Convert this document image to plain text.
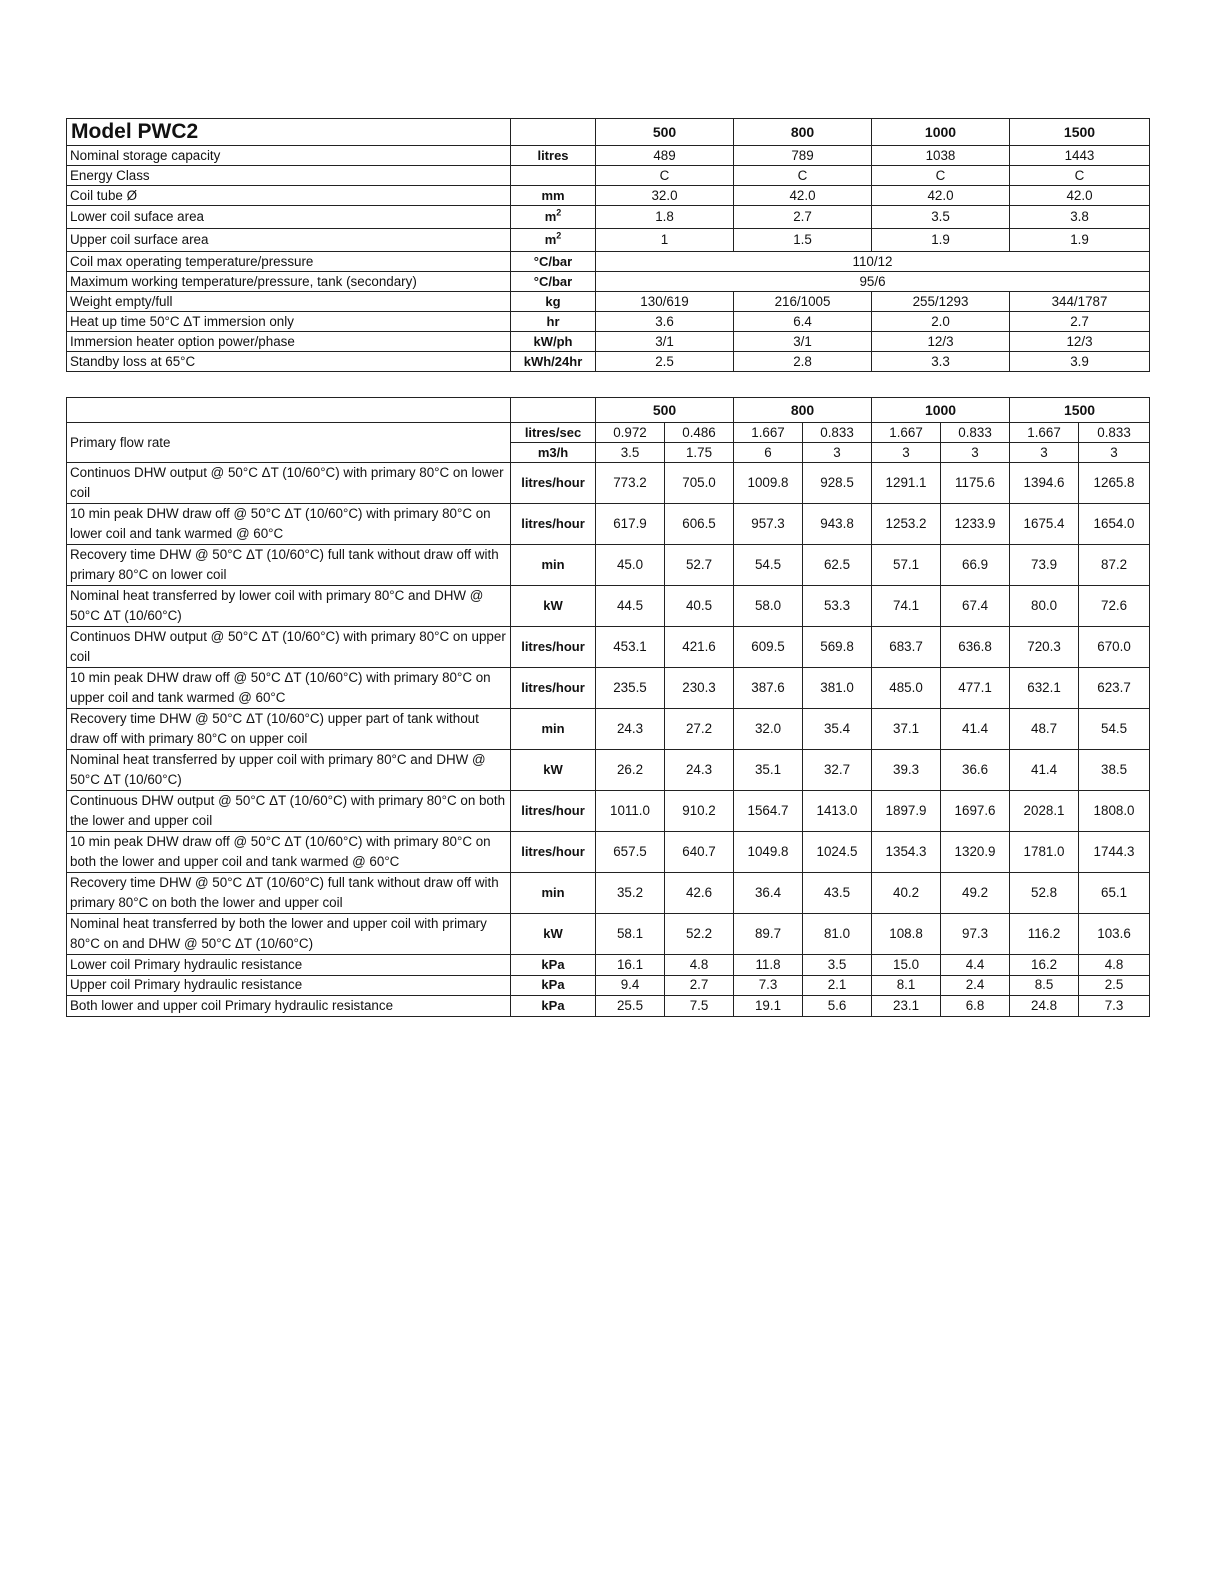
Model PWC2		500	800	1000	1500
Nominal storage capacity	litres	489	789	1038	1443
Energy Class		C	C	C	C
Coil tube Ø	mm	32.0	42.0	42.0	42.0
Lower coil suface area	$m^2$	1.8	2.7	3.5	3.8
Upper coil surface area	$m^2$	1	1.5	1.9	1.9
Coil max operating temperature/pressure	°C/bar	110/12			
Maximum working temperature/pressure, tank (secondary)	°C/bar	95/6			
Weight empty/full	kg	130/619	216/1005	255/1293	344/1787
Heat up time 50°C ΔT immersion only	hr	3.6	6.4	2.0	2.7
Immersion heater option power/phase	kW/ph	3/1	3/1	12/3	12/3
Standby loss at 65°C	kWh/24hr	2.5	2.8	3.3	3.9
		500		800		1000		1500	
Primary flow rate	litres/sec	0.972	0.486	1.667	0.833	1.667	0.833	1.667	0.833
	m3/h	3.5	1.75	6	3	3	3	3	3
Continuos DHW output @ 50°C ΔT (10/60°C) with primary 80°C on lower coil	litres/hour	773.2	705.0	1009.8	928.5	1291.1	1175.6	1394.6	1265.8
10 min peak DHW draw off @ 50°C ΔT (10/60°C) with primary 80°C on lower coil and tank warmed @ 60°C	litres/hour	617.9	606.5	957.3	943.8	1253.2	1233.9	1675.4	1654.0
Recovery time DHW @ 50°C ΔT (10/60°C) full tank without draw off with primary 80°C on lower coil	min	45.0	52.7	54.5	62.5	57.1	66.9	73.9	87.2
Nominal heat transferred by lower coil with primary 80°C and DHW @ 50°C ΔT (10/60°C)	kW	44.5	40.5	58.0	53.3	74.1	67.4	80.0	72.6
Continuos DHW output @ 50°C ΔT (10/60°C) with primary 80°C on upper coil	litres/hour	453.1	421.6	609.5	569.8	683.7	636.8	720.3	670.0
10 min peak DHW draw off @ 50°C ΔT (10/60°C) with primary 80°C on upper coil and tank warmed @ 60°C	litres/hour	235.5	230.3	387.6	381.0	485.0	477.1	632.1	623.7
Recovery time DHW @ 50°C ΔT (10/60°C) upper part of tank without draw off with primary 80°C on upper coil	min	24.3	27.2	32.0	35.4	37.1	41.4	48.7	54.5
Nominal heat transferred by upper coil with primary 80°C and DHW @ 50°C ΔT (10/60°C)	kW	26.2	24.3	35.1	32.7	39.3	36.6	41.4	38.5
Continuous DHW output @ 50°C ΔT (10/60°C) with primary 80°C on both the lower and upper coil	litres/hour	1011.0	910.2	1564.7	1413.0	1897.9	1697.6	2028.1	1808.0
10 min peak DHW draw off @ 50°C ΔT (10/60°C) with primary 80°C on both the lower and upper coil and tank warmed @ 60°C	litres/hour	657.5	640.7	1049.8	1024.5	1354.3	1320.9	1781.0	1744.3
Recovery time DHW @ 50°C ΔT (10/60°C) full tank without draw off with primary 80°C on both the lower and upper coil	min	35.2	42.6	36.4	43.5	40.2	49.2	52.8	65.1
Nominal heat transferred by both the lower and upper coil with primary 80°C on and DHW @ 50°C ΔT (10/60°C)	kW	58.1	52.2	89.7	81.0	108.8	97.3	116.2	103.6
Lower coil Primary hydraulic resistance	kPa	16.1	4.8	11.8	3.5	15.0	4.4	16.2	4.8
Upper coil Primary hydraulic resistance	kPa	9.4	2.7	7.3	2.1	8.1	2.4	8.5	2.5
Both lower and upper coil Primary hydraulic resistance	kPa	25.5	7.5	19.1	5.6	23.1	6.8	24.8	7.3
